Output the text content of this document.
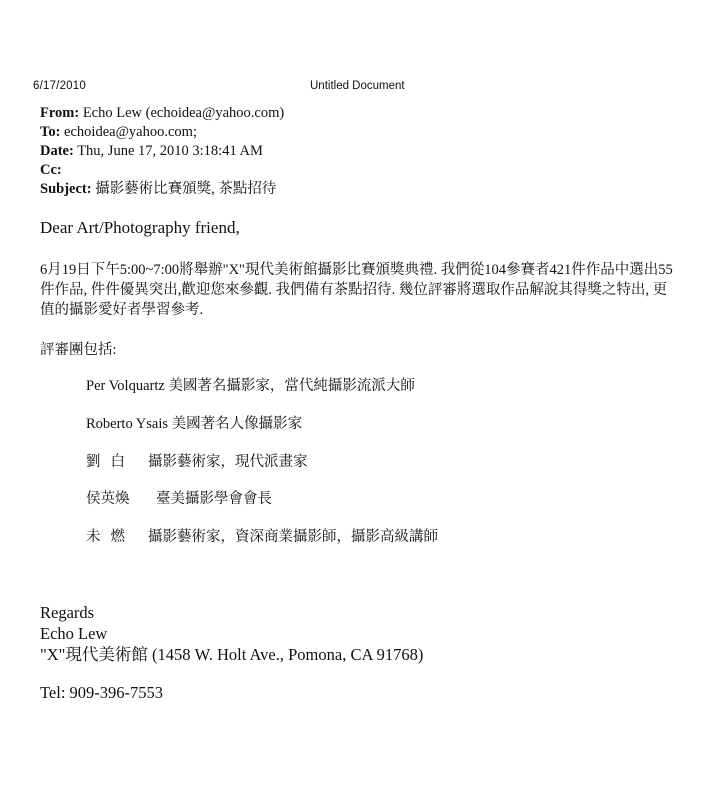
6/17/2010	Untitled Document
From: Echo Lew (echoidea@yahoo.com)
To: echoidea@yahoo.com;
Date: Thu, June 17, 2010 3:18:41 AM
Cc:
Subject: 攝影藝術比賽頒獎, 茶點招待
Dear Art/Photography friend,
6月19日下午5:00~7:00將舉辦"X"現代美術館攝影比賽頒獎典禮. 我們從104參賽者421件作品中選出55件作品, 件件優異突出,歡迎您來參觀. 我們備有茶點招待. 幾位評審將選取作品解說其得獎之特出, 更值的攝影愛好者學習參考.
評審團包括:
Per Volquartz 美國著名攝影家，當代純攝影流派大師
Roberto Ysais 美國著名人像攝影家
劉白 攝影藝術家，現代派畫家
侯英煥 臺美攝影學會會長
未燃 攝影藝術家，資深商業攝影師，攝影高級講師
Regards
Echo Lew
"X"現代美術館 (1458 W. Holt Ave., Pomona, CA 91768)
Tel: 909-396-7553
